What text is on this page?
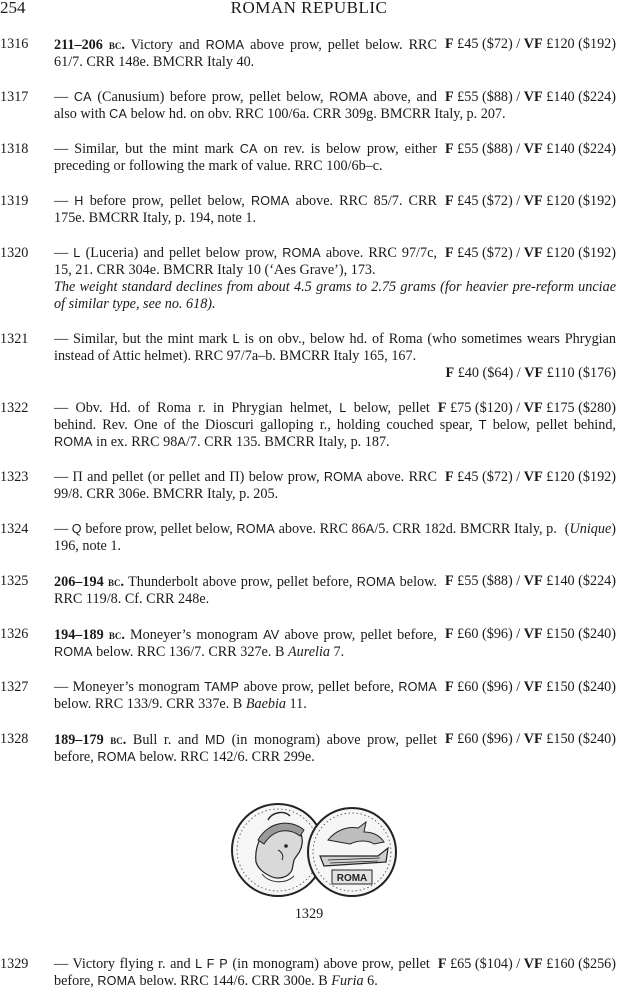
254	ROMAN REPUBLIC
1316	F £45 ($72) / VF £120 ($192)
211–206 bc. Victory and ROMA above prow, pellet below. RRC 61/7. CRR 148e. BMCRR Italy 40.
1317	F £55 ($88) / VF £140 ($224)
— CA (Canusium) before prow, pellet below, ROMA above, and also with CA below hd. on obv. RRC 100/6a. CRR 309g. BMCRR Italy, p. 207.
1318	F £55 ($88) / VF £140 ($224)
— Similar, but the mint mark CA on rev. is below prow, either preceding or following the mark of value. RRC 100/6b–c.
1319	F £45 ($72) / VF £120 ($192)
— H before prow, pellet below, ROMA above. RRC 85/7. CRR 175e. BMCRR Italy, p. 194, note 1.
1320	F £45 ($72) / VF £120 ($192)
— L (Luceria) and pellet below prow, ROMA above. RRC 97/7c, 15, 21. CRR 304e. BMCRR Italy 10 (‘Aes Grave’), 173.
The weight standard declines from about 4.5 grams to 2.75 grams (for heavier pre-reform unciae of similar type, see no. 618).
1321	— Similar, but the mint mark L is on obv., below hd. of Roma (who sometimes wears Phrygian instead of Attic helmet). RRC 97/7a–b. BMCRR Italy 165, 167.
F £40 ($64) / VF £110 ($176)
1322	F £75 ($120) / VF £175 ($280)
— Obv. Hd. of Roma r. in Phrygian helmet, L below, pellet behind. Rev. One of the Dioscuri galloping r., holding couched spear, T below, pellet behind, ROMA in ex. RRC 98A/7. CRR 135. BMCRR Italy, p. 187.
1323	F £45 ($72) / VF £120 ($192)
— Π and pellet (or pellet and Π) below prow, ROMA above. RRC 99/8. CRR 306e. BMCRR Italy, p. 205.
1324	(Unique)
— Q before prow, pellet below, ROMA above. RRC 86A/5. CRR 182d. BMCRR Italy, p. 196, note 1.
1325	F £55 ($88) / VF £140 ($224)
206–194 bc. Thunderbolt above prow, pellet before, ROMA below. RRC 119/8. Cf. CRR 248e.
1326	F £60 ($96) / VF £150 ($240)
194–189 bc. Moneyer’s monogram AV above prow, pellet before, ROMA below. RRC 136/7. CRR 327e. B Aurelia 7.
1327	F £60 ($96) / VF £150 ($240)
— Moneyer’s monogram TAMP above prow, pellet before, ROMA below. RRC 133/9. CRR 337e. B Baebia 11.
1328	F £60 ($96) / VF £150 ($240)
189–179 bc. Bull r. and MD (in monogram) above prow, pellet before, ROMA below. RRC 142/6. CRR 299e.
ROMA
1329
1329	F £65 ($104) / VF £160 ($256)
— Victory flying r. and L F P (in monogram) above prow, pellet before, ROMA below. RRC 144/6. CRR 300e. B Furia 6.
